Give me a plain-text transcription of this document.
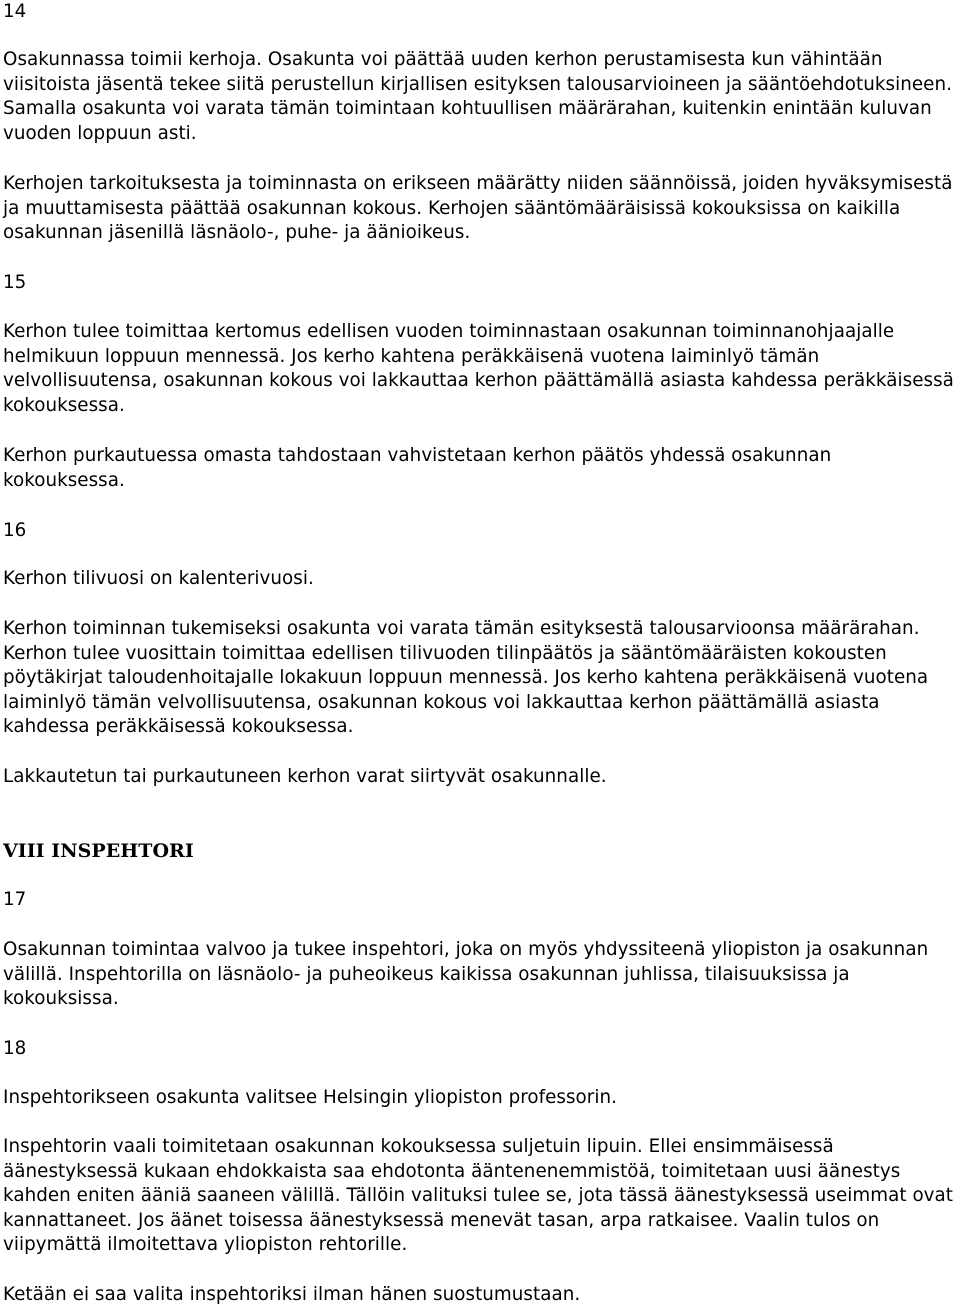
14

Osakunnassa toimii kerhoja. Osakunta voi päättää uuden kerhon perustamisesta kun vähintään viisitoista jäsentä tekee siitä perustellun kirjallisen esityksen talousarvioineen ja sääntöehdotuksineen. Samalla osakunta voi varata tämän toimintaan kohtuullisen määrärahan, kuitenkin enintään kuluvan vuoden loppuun asti.

Kerhojen tarkoituksesta ja toiminnasta on erikseen määrätty niiden säännöissä, joiden hyväksymisestä ja muuttamisesta päättää osakunnan kokous. Kerhojen sääntömääräisissä kokouksissa on kaikilla osakunnan jäsenillä läsnäolo-, puhe- ja äänioikeus.

15

Kerhon tulee toimittaa kertomus edellisen vuoden toiminnastaan osakunnan toiminnanohjaajalle helmikuun loppuun mennessä. Jos kerho kahtena peräkkäisenä vuotena laiminlyö tämän velvollisuutensa, osakunnan kokous voi lakkauttaa kerhon päättämällä asiasta kahdessa peräkkäisessä kokouksessa.

Kerhon purkautuessa omasta tahdostaan vahvistetaan kerhon päätös yhdessä osakunnan kokouksessa.

16

Kerhon tilivuosi on kalenterivuosi.

Kerhon toiminnan tukemiseksi osakunta voi varata tämän esityksestä talousarvioonsa määrärahan. Kerhon tulee vuosittain toimittaa edellisen tilivuoden tilinpäätös ja sääntömääräisten kokousten pöytäkirjat taloudenhoitajalle lokakuun loppuun mennessä. Jos kerho kahtena peräkkäisenä vuotena laiminlyö tämän velvollisuutensa, osakunnan kokous voi lakkauttaa kerhon päättämällä asiasta kahdessa peräkkäisessä kokouksessa.

Lakkautetun tai purkautuneen kerhon varat siirtyvät osakunnalle.

VIII INSPEHTORI
17

Osakunnan toimintaa valvoo ja tukee inspehtori, joka on myös yhdyssiteenä yliopiston ja osakunnan välillä. Inspehtorilla on läsnäolo- ja puheoikeus kaikissa osakunnan juhlissa, tilaisuuksissa ja kokouksissa.

18

Inspehtorikseen osakunta valitsee Helsingin yliopiston professorin.

Inspehtorin vaali toimitetaan osakunnan kokouksessa suljetuin lipuin. Ellei ensimmäisessä äänestyksessä kukaan ehdokkaista saa ehdotonta ääntenenemmistöä, toimitetaan uusi äänestys kahden eniten ääniä saaneen välillä. Tällöin valituksi tulee se, jota tässä äänestyksessä useimmat ovat kannattaneet. Jos äänet toisessa äänestyksessä menevät tasan, arpa ratkaisee. Vaalin tulos on viipymättä ilmoitettava yliopiston rehtorille.

Ketään ei saa valita inspehtoriksi ilman hänen suostumustaan.
